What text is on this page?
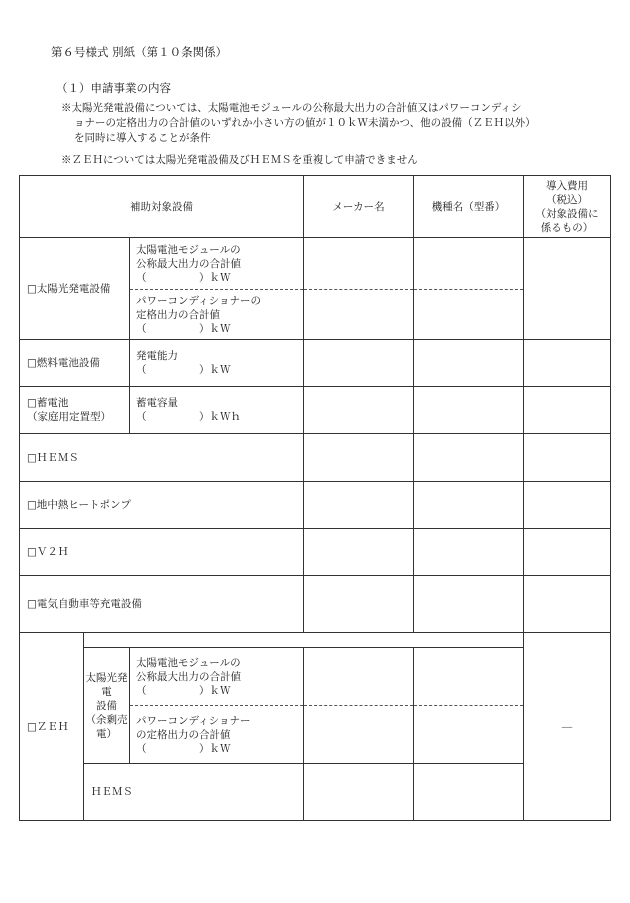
第６号様式 別紙（第１０条関係）
（１）申請事業の内容
※太陽光発電設備については、太陽電池モジュールの公称最大出力の合計値又はパワーコンディシ
ョナーの定格出力の合計値のいずれか小さい方の値が１０ｋＷ未満かつ、他の設備（ＺＥＨ以外）
を同時に導入することが条件
※ＺＥＨについては太陽光発電設備及びＨＥＭＳを重複して申請できません
補助対象設備			メーカー名	機種名（型番）	導入費用
（税込）
（対象設備に
係るもの）

□太陽光発電設備		太陽電池モジュールの
公称最大出力の合計値
（　　　　　）ｋＷ			

		パワーコンディショナーの
定格出力の合計値
（　　　　　）ｋＷ			

□燃料電池設備		発電能力
（　　　　　）ｋＷ			

□蓄電池
（家庭用定置型）		蓄電容量
（　　　　　）ｋＷｈ			

□ＨＥＭＳ					
□地中熱ヒートポンプ					
□Ｖ２Ｈ					
□電気自動車等充電設備					
□ＺＥＨ					―

	太陽光発電
設備
（余剰売電）	太陽電池モジュールの
公称最大出力の合計値
（　　　　　）ｋＷ			

		パワーコンディショナー
の定格出力の合計値
（　　　　　）ｋＷ			

	ＨＥＭＳ				
